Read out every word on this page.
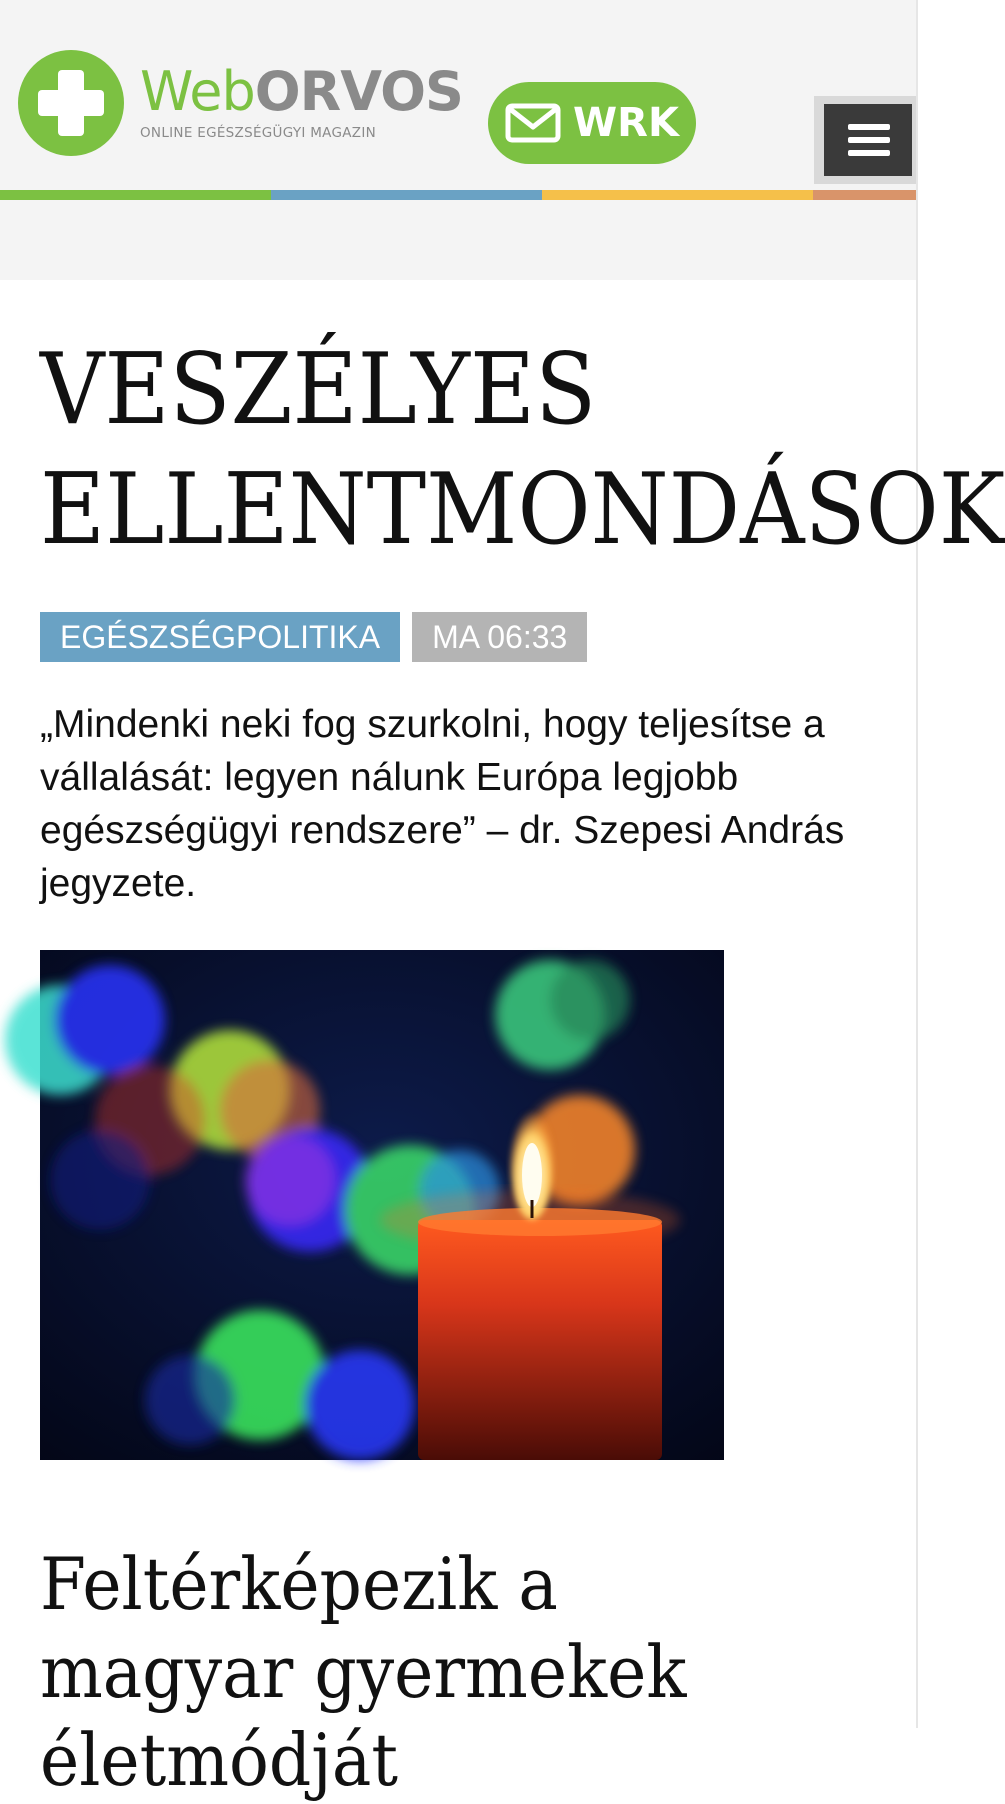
WebORVOS
ONLINE EGÉSZSÉGÜGYI MAGAZIN	WRK
VESZÉLYES
ELLENTMONDÁSOK
EGÉSZSÉGPOLITIKA	MA 06:33

„Mindenki neki fog szurkolni, hogy teljesítse a vállalását: legyen nálunk Európa legjobb egészségügyi rendszere” – dr. Szepesi András jegyzete.

Feltérképezik a magyar gyermekek életmódját
